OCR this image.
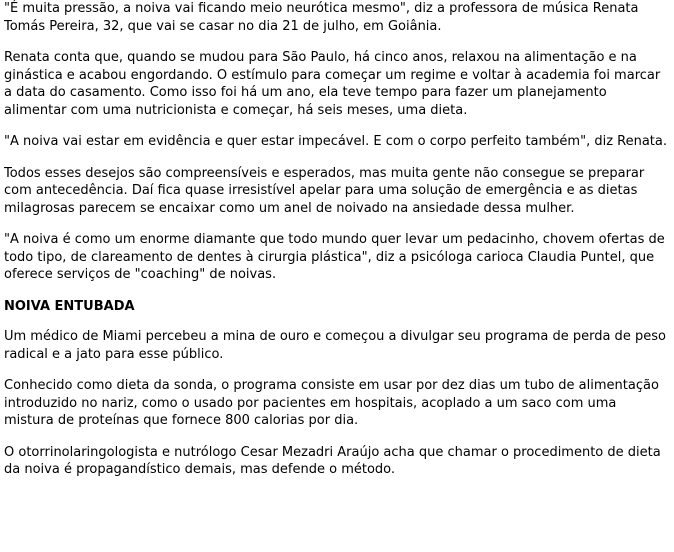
"É muita pressão, a noiva vai ficando meio neurótica mesmo", diz a professora de música Renata Tomás Pereira, 32, que vai se casar no dia 21 de julho, em Goiânia.

Renata conta que, quando se mudou para São Paulo, há cinco anos, relaxou na alimentação e na ginástica e acabou engordando. O estímulo para começar um regime e voltar à academia foi marcar a data do casamento. Como isso foi há um ano, ela teve tempo para fazer um planejamento alimentar com uma nutricionista e começar, há seis meses, uma dieta.

"A noiva vai estar em evidência e quer estar impecável. E com o corpo perfeito também", diz Renata.

Todos esses desejos são compreensíveis e esperados, mas muita gente não consegue se preparar com antecedência. Daí fica quase irresistível apelar para uma solução de emergência e as dietas milagrosas parecem se encaixar como um anel de noivado na ansiedade dessa mulher.

"A noiva é como um enorme diamante que todo mundo quer levar um pedacinho, chovem ofertas de todo tipo, de clareamento de dentes à cirurgia plástica", diz a psicóloga carioca Claudia Puntel, que oferece serviços de "coaching" de noivas.

NOIVA ENTUBADA

Um médico de Miami percebeu a mina de ouro e começou a divulgar seu programa de perda de peso radical e a jato para esse público.

Conhecido como dieta da sonda, o programa consiste em usar por dez dias um tubo de alimentação introduzido no nariz, como o usado por pacientes em hospitais, acoplado a um saco com uma mistura de proteínas que fornece 800 calorias por dia.

O otorrinolaringologista e nutrólogo Cesar Mezadri Araújo acha que chamar o procedimento de dieta da noiva é propagandístico demais, mas defende o método.
